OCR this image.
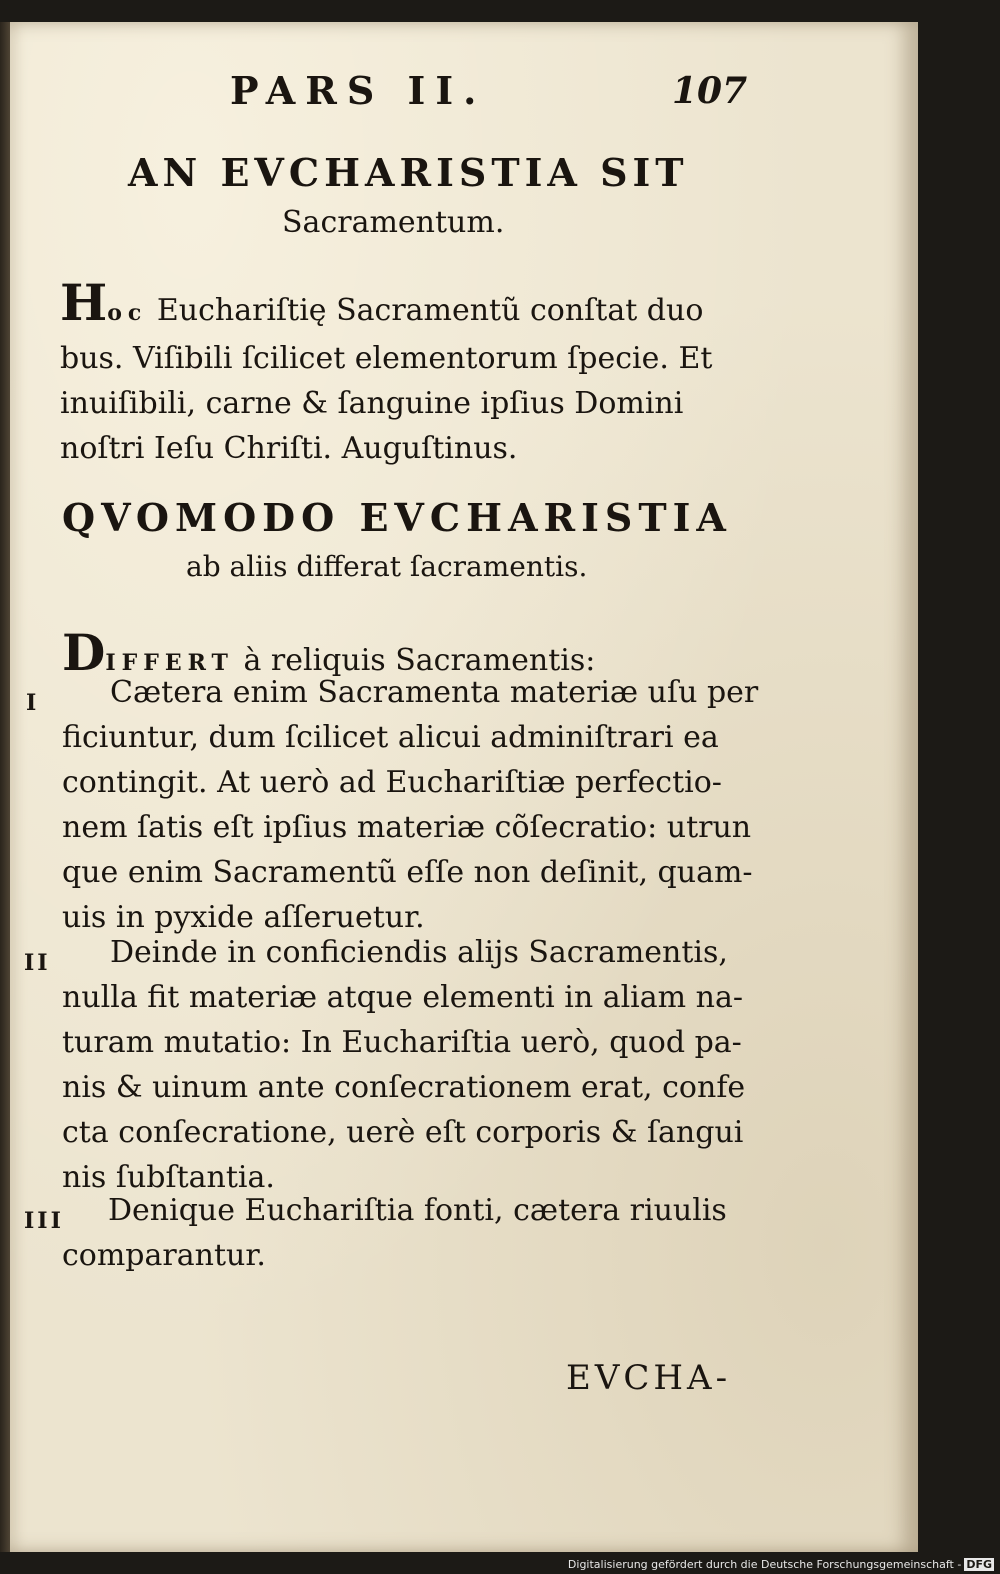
PARS II.	107
AN EVCHARISTIA SIT
Sacramentum.
Hoc Euchariſtię Sacramentũ conſtat duo
bus. Viſibili ſcilicet elementorum ſpecie. Et
inuiſibili, carne & ſanguine ipſius Domini
noſtri Ieſu Chriſti. Auguſtinus.
QVOMODO EVCHARISTIA
ab aliis differat ſacramentis.
DIFFERT à reliquis Sacramentis:
I	Cætera enim Sacramenta materiæ uſu per
ficiuntur, dum ſcilicet alicui adminiſtrari ea
contingit. At uerò ad Euchariſtiæ perfectio-
nem ſatis eſt ipſius materiæ cõſecratio: utrun
que enim Sacramentũ eſſe non deſinit, quam-
uis in pyxide aſſeruetur.
II	Deinde in conficiendis alijs Sacramentis,
nulla fit materiæ atque elementi in aliam na-
turam mutatio: In Euchariſtia uerò, quod pa-
nis & uinum ante conſecrationem erat, confe
cta conſecratione, uerè eſt corporis & ſangui
nis ſubſtantia.
III	Denique Euchariſtia fonti, cætera riuulis
comparantur.
EVCHA-
Digitalisierung gefördert durch die Deutsche Forschungsgemeinschaft - DFG
